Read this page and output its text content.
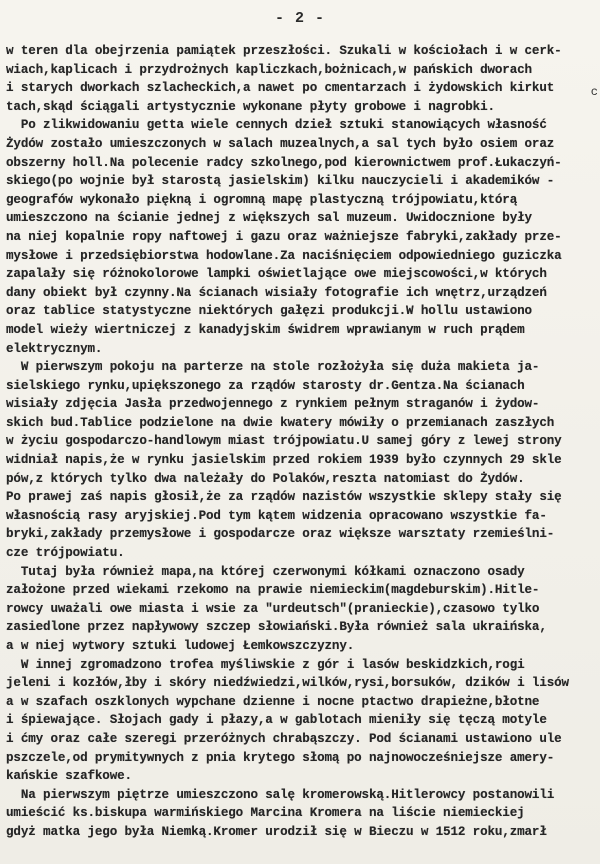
- 2 -
c
w teren dla obejrzenia pamiątek przeszłości. Szukali w kościołach i w cerk-
wiach,kaplicach i przydrożnych kapliczkach,bożnicach,w pańskich dworach
i starych dworkach szlacheckich,a nawet po cmentarzach i żydowskich kirkut
tach,skąd ściągali artystycznie wykonane płyty grobowe i nagrobki.
Po zlikwidowaniu getta wiele cennych dzieł sztuki stanowiących własność
Żydów zostało umieszczonych w salach muzealnych,a sal tych było osiem oraz
obszerny holl.Na polecenie radcy szkolnego,pod kierownictwem prof.Łukaczyń-
skiego(po wojnie był starostą jasielskim) kilku nauczycieli i akademików -
geografów wykonało piękną i ogromną mapę plastyczną trójpowiatu,którą
umieszczono na ścianie jednej z większych sal muzeum. Uwidocznione były
na niej kopalnie ropy naftowej i gazu oraz ważniejsze fabryki,zakłady prze-
mysłowe i przedsiębiorstwa hodowlane.Za naciśnięciem odpowiedniego guziczka
zapalały się różnokolorowe lampki oświetlające owe miejscowości,w których
dany obiekt był czynny.Na ścianach wisiały fotografie ich wnętrz,urządzeń
oraz tablice statystyczne niektórych gałęzi produkcji.W hollu ustawiono
model wieży wiertniczej z kanadyjskim świdrem wprawianym w ruch prądem
elektrycznym.
W pierwszym pokoju na parterze na stole rozłożyła się duża makieta ja-
sielskiego rynku,upiększonego za rządów starosty dr.Gentza.Na ścianach
wisiały zdjęcia Jasła przedwojennego z rynkiem pełnym straganów i żydow-
skich bud.Tablice podzielone na dwie kwatery mówiły o przemianach zaszłych
w życiu gospodarczo-handlowym miast trójpowiatu.U samej góry z lewej strony
widniał napis,że w rynku jasielskim przed rokiem 1939 było czynnych 29 skle
pów,z których tylko dwa należały do Polaków,reszta natomiast do Żydów.
Po prawej zaś napis głosił,że za rządów nazistów wszystkie sklepy stały się
własnością rasy aryjskiej.Pod tym kątem widzenia opracowano wszystkie fa-
bryki,zakłady przemysłowe i gospodarcze oraz większe warsztaty rzemieślni-
cze trójpowiatu.
Tutaj była również mapa,na której czerwonymi kółkami oznaczono osady
założone przed wiekami rzekomo na prawie niemieckim(magdeburskim).Hitle-
rowcy uważali owe miasta i wsie za "urdeutsch"(pranieckie),czasowo tylko
zasiedlone przez napływowy szczep słowiański.Była również sala ukraińska,
a w niej wytwory sztuki ludowej Łemkowszczyzny.
W innej zgromadzono trofea myśliwskie z gór i lasów beskidzkich,rogi
jeleni i kozłów,łby i skóry niedźwiedzi,wilków,rysi,borsuków, dzików i lisów
a w szafach oszklonych wypchane dzienne i nocne ptactwo drapieżne,błotne
i śpiewające. Słojach gady i płazy,a w gablotach mieniły się tęczą motyle
i ćmy oraz całe szeregi przeróżnych chrabąszczy. Pod ścianami ustawiono ule
pszczele,od prymitywnych z pnia krytego słomą po najnowocześniejsze amery-
kańskie szafkowe.
Na pierwszym piętrze umieszczono salę kromerowską.Hitlerowcy postanowili
umieścić ks.biskupa warmińskiego Marcina Kromera na liście niemieckiej
gdyż matka jego była Niemką.Kromer urodził się w Bieczu w 1512 roku,zmarł
